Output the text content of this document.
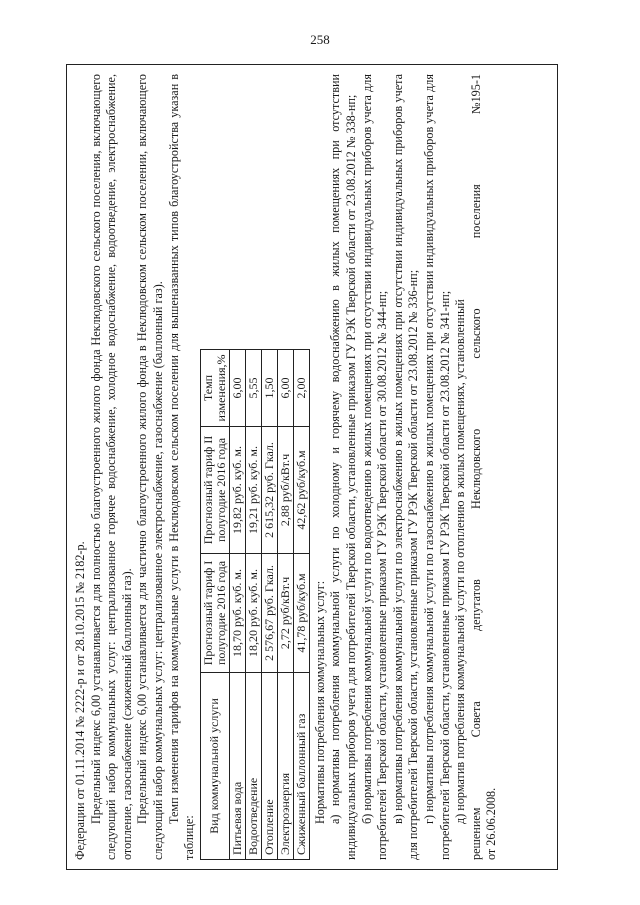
258

Федерации от 01.11.2014 № 2222-р и от 28.10.2015 № 2182-р. Предельный индекс 6,00 устанавливается для полностью благоустроенного жилого фонда Неклюдовского сельского поселения, включающего следующий набор коммунальных услуг: централизованное горячее водоснабжение, холодное водоснабжение, водоотведение, электроснабжение, отопление, газоснабжение (сжиженный баллонный газ). Предельный индекс 6,00 устанавливается для частично благоустроенного жилого фонда в Неклюдовском сельском поселении, включающего следующий набор коммунальных услуг: централизованное электроснабжение, газоснабжение (баллонный газ). Темп изменения тарифов на коммунальные услуги в Неклюдовском сельском поселении для вышеназванных типов благоустройства указан в таблице:

Вид коммунальной услуги	Прогнозный тариф I полугодие 2016 года	Прогнозный тариф II полугодие 2016 года	Темп изменения,%
Питьевая вода	18,70 руб. куб. м.	19,82 руб. куб. м.	6,00
Водоотведение	18,20 руб. куб. м.	19,21 руб. куб. м.	5,55
Отопление	2 576,67 руб. Гкал.	2 615,32 руб. Гкал.	1,50
Электроэнергия	2,72 руб/кВт.ч	2,88 руб/кВт.ч	6,00
Сжиженный баллонный газ	41,78 руб/куб.м	42,62 руб/куб.м	2,00

Нормативы потребления коммунальных услуг: а) нормативы потребления коммунальной услуги по холодному и горячему водоснабжению в жилых помещениях при отсутствии индивидуальных приборов учета для потребителей Тверской области, установленные приказом ГУ РЭК Тверской области от 23.08.2012 № 338-нп; б) нормативы потребления коммунальной услуги по водоотведению в жилых помещениях при отсутствии индивидуальных приборов учета для потребителей Тверской области, установленные приказом ГУ РЭК Тверской области от 30.08.2012 № 344-нп; в) нормативы потребления коммунальной услуги по электроснабжению в жилых помещениях при отсутствии индивидуальных приборов учета для потребителей Тверской области, установленные приказом ГУ РЭК Тверской области от 23.08.2012 № 336-нп; г) нормативы потребления коммунальной услуги по газоснабжению в жилых помещениях при отсутствии индивидуальных приборов учета для потребителей Тверской области, установленные приказом ГУ РЭК Тверской области от 23.08.2012 № 341-нп; д) норматив потребления коммунальной услуги по отоплению в жилых помещениях, установленный

решением
Совета
депутатов
Неклюдовского
сельского
поселения
№195-1

от 26.06.2008.
